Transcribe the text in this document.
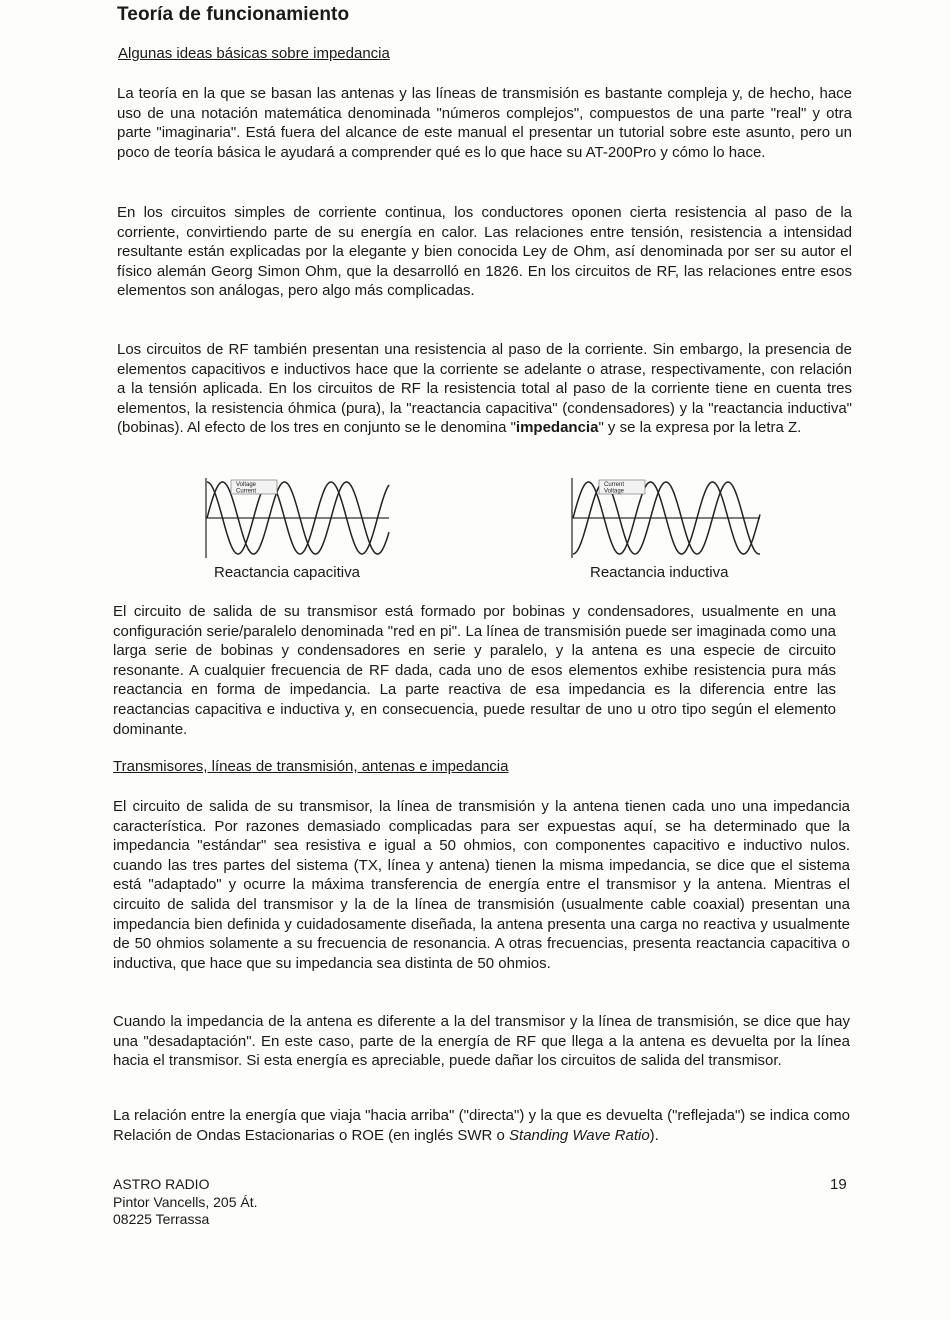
Teoría de funcionamiento

Algunas ideas básicas sobre impedancia

La teoría en la que se basan las antenas y las líneas de transmisión es bastante compleja y, de hecho, hace uso de una notación matemática denominada "números complejos", compuestos de una parte "real" y otra parte "imaginaria". Está fuera del alcance de este manual el presentar un tutorial sobre este asunto, pero un poco de teoría básica le ayudará a comprender qué es lo que hace su AT-200Pro y cómo lo hace.

En los circuitos simples de corriente continua, los conductores oponen cierta resistencia al paso de la corriente, convirtiendo parte de su energía en calor. Las relaciones entre tensión, resistencia a intensidad resultante están explicadas por la elegante y bien conocida Ley de Ohm, así denominada por ser su autor el físico alemán Georg Simon Ohm, que la desarrolló en 1826. En los circuitos de RF, las relaciones entre esos elementos son análogas, pero algo más complicadas.

Los circuitos de RF también presentan una resistencia al paso de la corriente. Sin embargo, la presencia de elementos capacitivos e inductivos hace que la corriente se adelante o atrase, respectivamente, con relación a la tensión aplicada. En los circuitos de RF la resistencia total al paso de la corriente tiene en cuenta tres elementos, la resistencia óhmica (pura), la "reactancia capacitiva" (condensadores) y la "reactancia inductiva" (bobinas). Al efecto de los tres en conjunto se le denomina "impedancia" y se la expresa por la letra Z.

Voltage
Current

Reactancia capacitiva

Current
Voltage

Reactancia inductiva

El circuito de salida de su transmisor está formado por bobinas y condensadores, usualmente en una configuración serie/paralelo denominada "red en pi". La línea de transmisión puede ser imaginada como una larga serie de bobinas y condensadores en serie y paralelo, y la antena es una especie de circuito resonante. A cualquier frecuencia de RF dada, cada uno de esos elementos exhibe resistencia pura más reactancia en forma de impedancia. La parte reactiva de esa impedancia es la diferencia entre las reactancias capacitiva e inductiva y, en consecuencia, puede resultar de uno u otro tipo según el elemento dominante.

Transmisores, líneas de transmisión, antenas e impedancia

El circuito de salida de su transmisor, la línea de transmisión y la antena tienen cada uno una impedancia característica. Por razones demasiado complicadas para ser expuestas aquí, se ha determinado que la impedancia "estándar" sea resistiva e igual a 50 ohmios, con componentes capacitivo e inductivo nulos. cuando las tres partes del sistema (TX, línea y antena) tienen la misma impedancia, se dice que el sistema está "adaptado" y ocurre la máxima transferencia de energía entre el transmisor y la antena. Mientras el circuito de salida del transmisor y la de la línea de transmisión (usualmente cable coaxial) presentan una impedancia bien definida y cuidadosamente diseñada, la antena presenta una carga no reactiva y usualmente de 50 ohmios solamente a su frecuencia de resonancia. A otras frecuencias, presenta reactancia capacitiva o inductiva, que hace que su impedancia sea distinta de 50 ohmios.

Cuando la impedancia de la antena es diferente a la del transmisor y la línea de transmisión, se dice que hay una "desadaptación". En este caso, parte de la energía de RF que llega a la antena es devuelta por la línea hacia el transmisor. Si esta energía es apreciable, puede dañar los circuitos de salida del transmisor.

La relación entre la energía que viaja "hacia arriba" ("directa") y la que es devuelta ("reflejada") se indica como Relación de Ondas Estacionarias o ROE (en inglés SWR o Standing Wave Ratio).

ASTRO RADIO
Pintor Vancells, 205 Át.
08225 Terrassa

19
